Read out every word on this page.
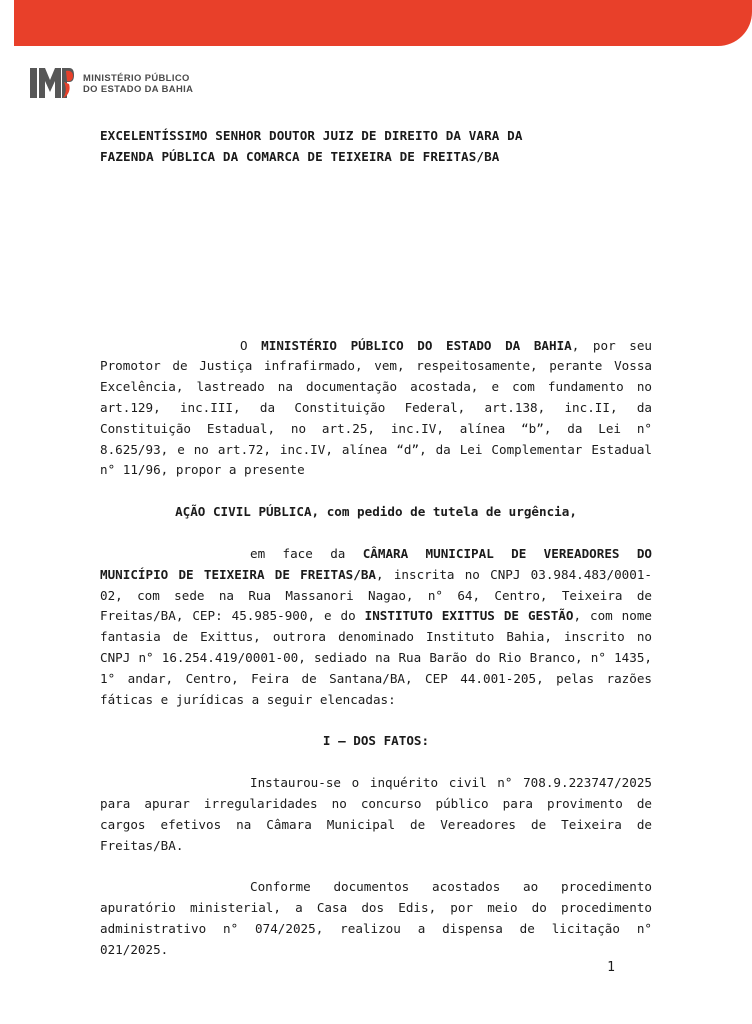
MINISTÉRIO PÚBLICO
DO ESTADO DA BAHIA
EXCELENTÍSSIMO SENHOR DOUTOR JUIZ DE DIREITO DA VARA DA
FAZENDA PÚBLICA DA COMARCA DE TEIXEIRA DE FREITAS/BA

O MINISTÉRIO PÚBLICO DO ESTADO DA BAHIA, por seu Promotor de Justiça infrafirmado, vem, respeitosamente, perante Vossa Excelência, lastreado na documentação acostada, e com fundamento no art.129, inc.III, da Constituição Federal, art.138, inc.II, da Constituição Estadual, no art.25, inc.IV, alínea “b”, da Lei n° 8.625/93, e no art.72, inc.IV, alínea “d”, da Lei Complementar Estadual n° 11/96, propor a presente

AÇÃO CIVIL PÚBLICA, com pedido de tutela de urgência,

em face da CÂMARA MUNICIPAL DE VEREADORES DO MUNICÍPIO DE TEIXEIRA DE FREITAS/BA, inscrita no CNPJ 03.984.483/0001-02, com sede na Rua Massanori Nagao, n° 64, Centro, Teixeira de Freitas/BA, CEP: 45.985-900, e do INSTITUTO EXITTUS DE GESTÃO, com nome fantasia de Exittus, outrora denominado Instituto Bahia, inscrito no CNPJ n° 16.254.419/0001-00, sediado na Rua Barão do Rio Branco, n° 1435, 1° andar, Centro, Feira de Santana/BA, CEP 44.001-205, pelas razões fáticas e jurídicas a seguir elencadas:

I – DOS FATOS:

Instaurou-se o inquérito civil n° 708.9.223747/2025 para apurar irregularidades no concurso público para provimento de cargos efetivos na Câmara Municipal de Vereadores de Teixeira de Freitas/BA.

Conforme documentos acostados ao procedimento apuratório ministerial, a Casa dos Edis, por meio do procedimento administrativo n° 074/2025, realizou a dispensa de licitação n° 021/2025.

1
